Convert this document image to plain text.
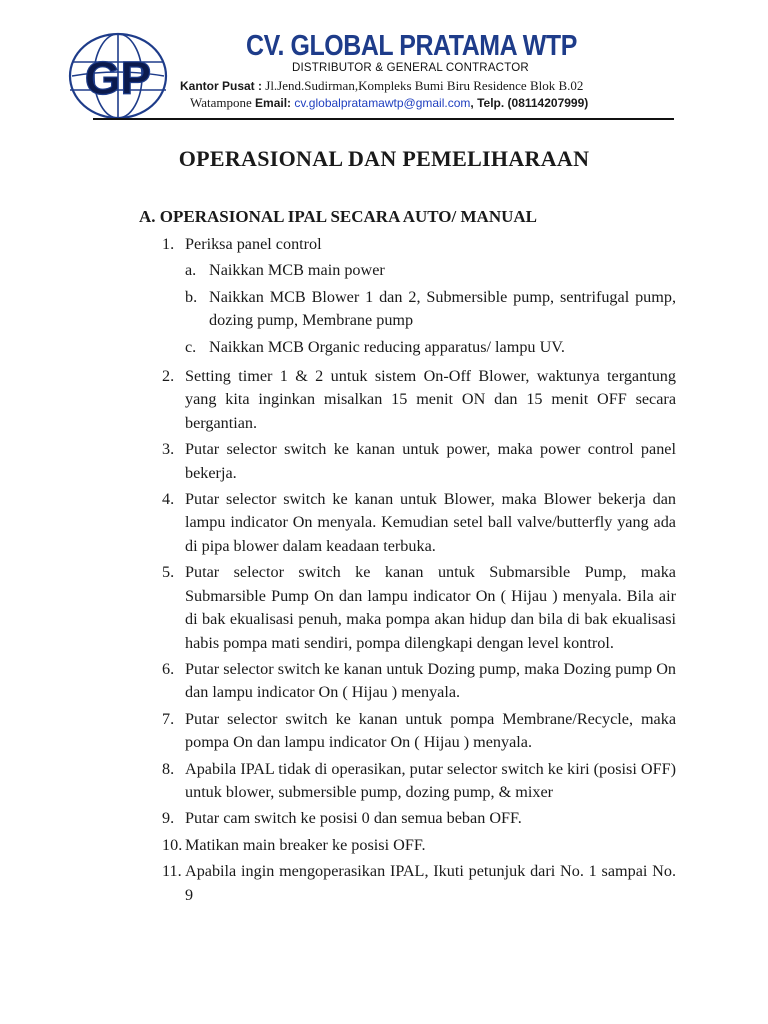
GP
CV. GLOBAL PRATAMA WTP
DISTRIBUTOR & GENERAL CONTRACTOR
Kantor Pusat : Jl.Jend.Sudirman,Kompleks Bumi Biru Residence Blok B.02
Watampone Email: cv.globalpratamawtp@gmail.com, Telp. (08114207999)
OPERASIONAL DAN PEMELIHARAAN
A. OPERASIONAL IPAL SECARA AUTO/ MANUAL
1. Periksa panel control
a. Naikkan MCB main power
b. Naikkan MCB Blower 1 dan 2, Submersible pump, sentrifugal pump, dozing pump, Membrane pump
c. Naikkan MCB Organic reducing apparatus/ lampu UV.
2. Setting timer 1 & 2 untuk sistem On-Off Blower, waktunya tergantung yang kita inginkan misalkan 15 menit ON dan 15 menit OFF secara bergantian.
3. Putar selector switch ke kanan untuk power, maka power control panel bekerja.
4. Putar selector switch ke kanan untuk Blower, maka Blower bekerja dan lampu indicator On menyala. Kemudian setel ball valve/butterfly yang ada di pipa blower dalam keadaan terbuka.
5. Putar selector switch ke kanan untuk Submarsible Pump, maka Submarsible Pump On dan lampu indicator On ( Hijau ) menyala. Bila air di bak ekualisasi penuh, maka pompa akan hidup dan bila di bak ekualisasi habis pompa mati sendiri, pompa dilengkapi dengan level kontrol.
6. Putar selector switch ke kanan untuk Dozing pump, maka Dozing pump On dan lampu indicator On ( Hijau ) menyala.
7. Putar selector switch ke kanan untuk pompa Membrane/Recycle, maka pompa On dan lampu indicator On ( Hijau ) menyala.
8. Apabila IPAL tidak di operasikan, putar selector switch ke kiri (posisi OFF) untuk blower, submersible pump, dozing pump, & mixer
9. Putar cam switch ke posisi 0 dan semua beban OFF.
10. Matikan main breaker ke posisi OFF.
11. Apabila ingin mengoperasikan IPAL, Ikuti petunjuk dari No. 1 sampai No. 9
